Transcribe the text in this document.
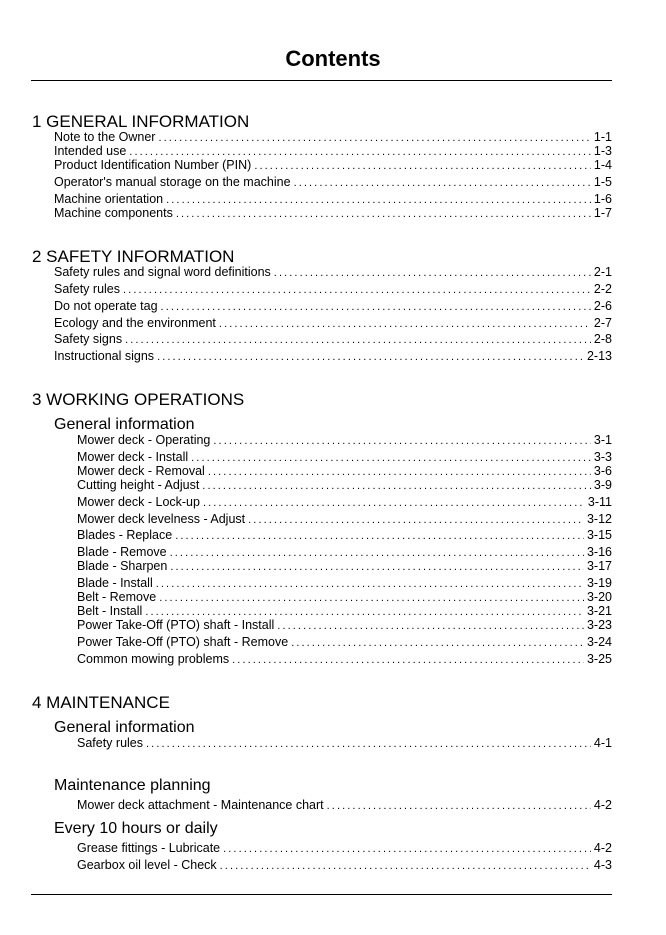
Contents
1 GENERAL INFORMATION
Note to the Owner .....	1-1
Intended use .....	1-3
Product Identification Number (PIN) .....	1-4
Operator's manual storage on the machine .....	1-5
Machine orientation .....	1-6
Machine components .....	1-7
2 SAFETY INFORMATION
Safety rules and signal word definitions .....	2-1
Safety rules .....	2-2
Do not operate tag .....	2-6
Ecology and the environment .....	2-7
Safety signs .....	2-8
Instructional signs .....	2-13
3 WORKING OPERATIONS
General information
Mower deck - Operating .....	3-1
Mower deck - Install .....	3-3
Mower deck - Removal .....	3-6
Cutting height - Adjust .....	3-9
Mower deck - Lock-up .....	3-11
Mower deck levelness - Adjust .....	3-12
Blades - Replace .....	3-15
Blade - Remove .....	3-16
Blade - Sharpen .....	3-17
Blade - Install .....	3-19
Belt - Remove .....	3-20
Belt - Install .....	3-21
Power Take-Off (PTO) shaft - Install .....	3-23
Power Take-Off (PTO) shaft - Remove .....	3-24
Common mowing problems .....	3-25
4 MAINTENANCE
General information
Safety rules .....	4-1
Maintenance planning
Mower deck attachment - Maintenance chart .....	4-2
Every 10 hours or daily
Grease fittings - Lubricate .....	4-2
Gearbox oil level - Check .....	4-3
